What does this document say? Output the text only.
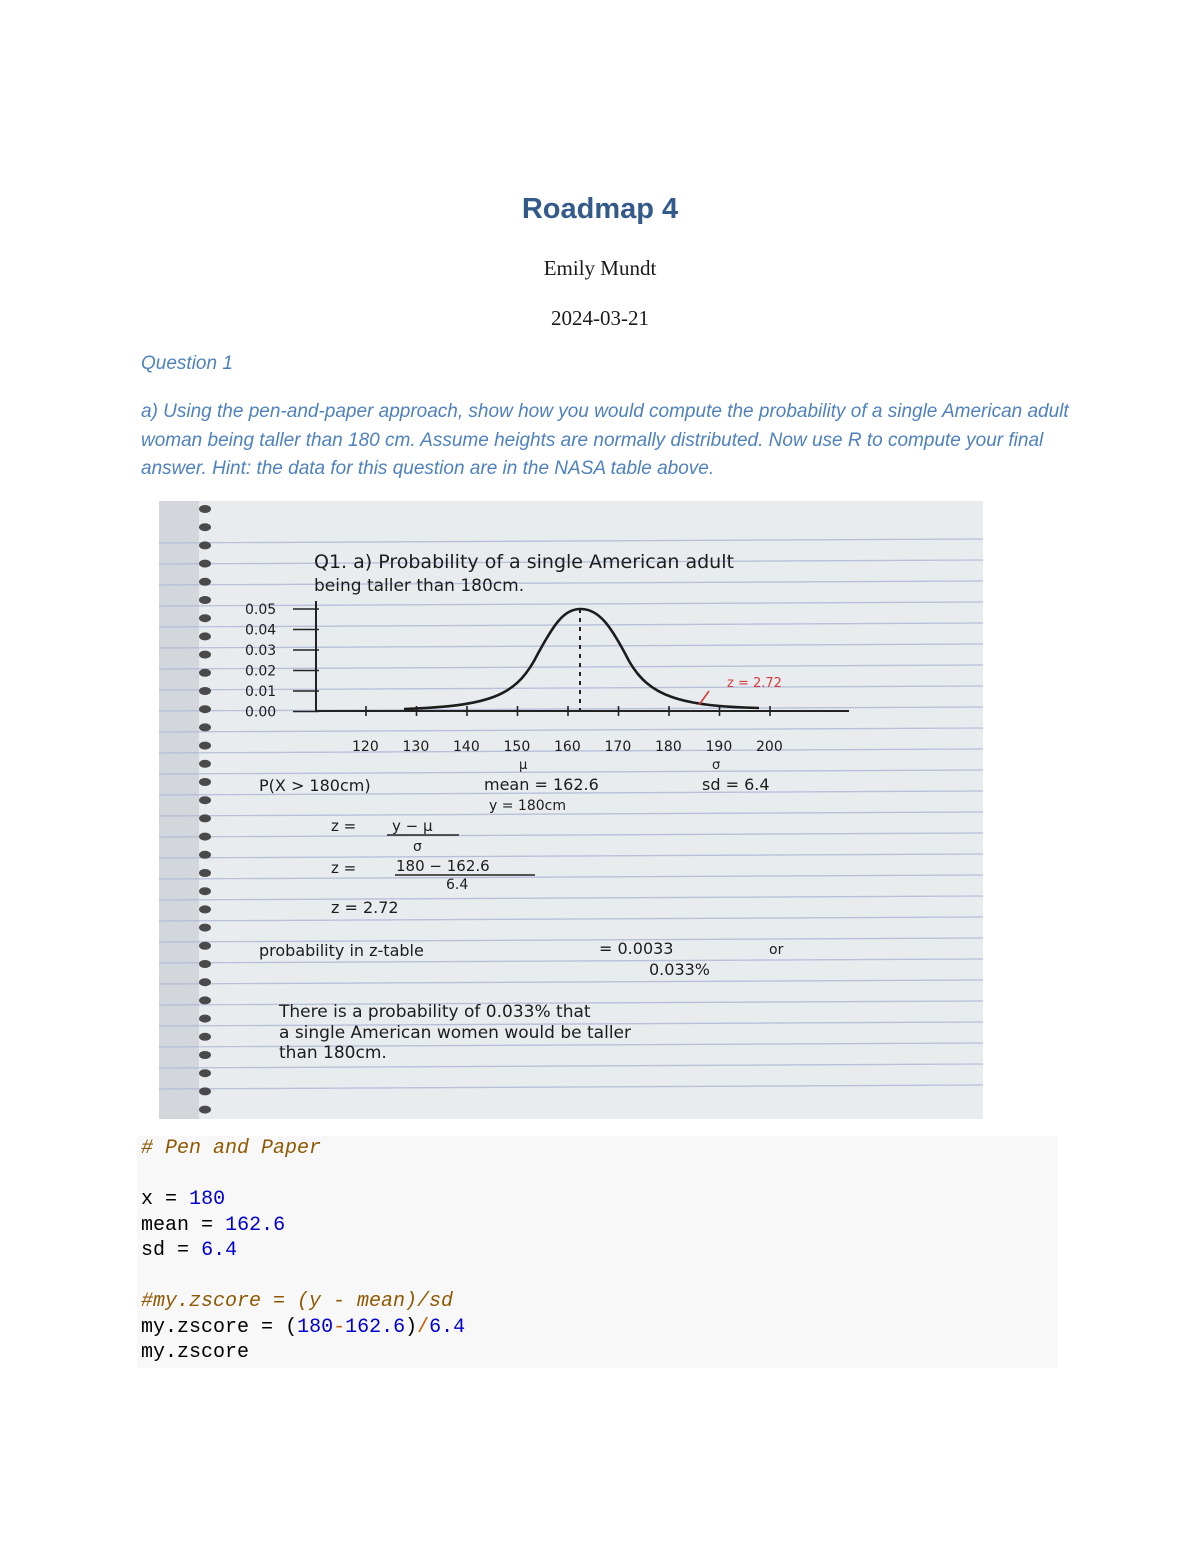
Roadmap 4
Emily Mundt
2024-03-21
Question 1

a) Using the pen-and-paper approach, show how you would compute the probability of a single American adult woman being taller than 180 cm. Assume heights are normally distributed. Now use R to compute your final answer. Hint: the data for this question are in the NASA table above.

Q1. a) Probability of a single American adult
being taller than 180cm.
z = 2.72
0.05
0.04
0.03
0.02
0.01
0.00
120 130 140 150 160 170 180 190 200
μ	σ
P(X > 180cm)	mean = 162.6
y = 180cm
sd = 6.4
z = y − μ
σ
z =	180 − 162.6
6.4
z = 2.72
probability in z-table	= 0.0033	or
0.033%
There is a probability of 0.033% that
a single American women would be taller
than 180cm.
# Pen and Paper
x = 180
mean = 162.6
sd = 6.4
#my.zscore = (y - mean)/sd
my.zscore = (180-162.6)/6.4
my.zscore
